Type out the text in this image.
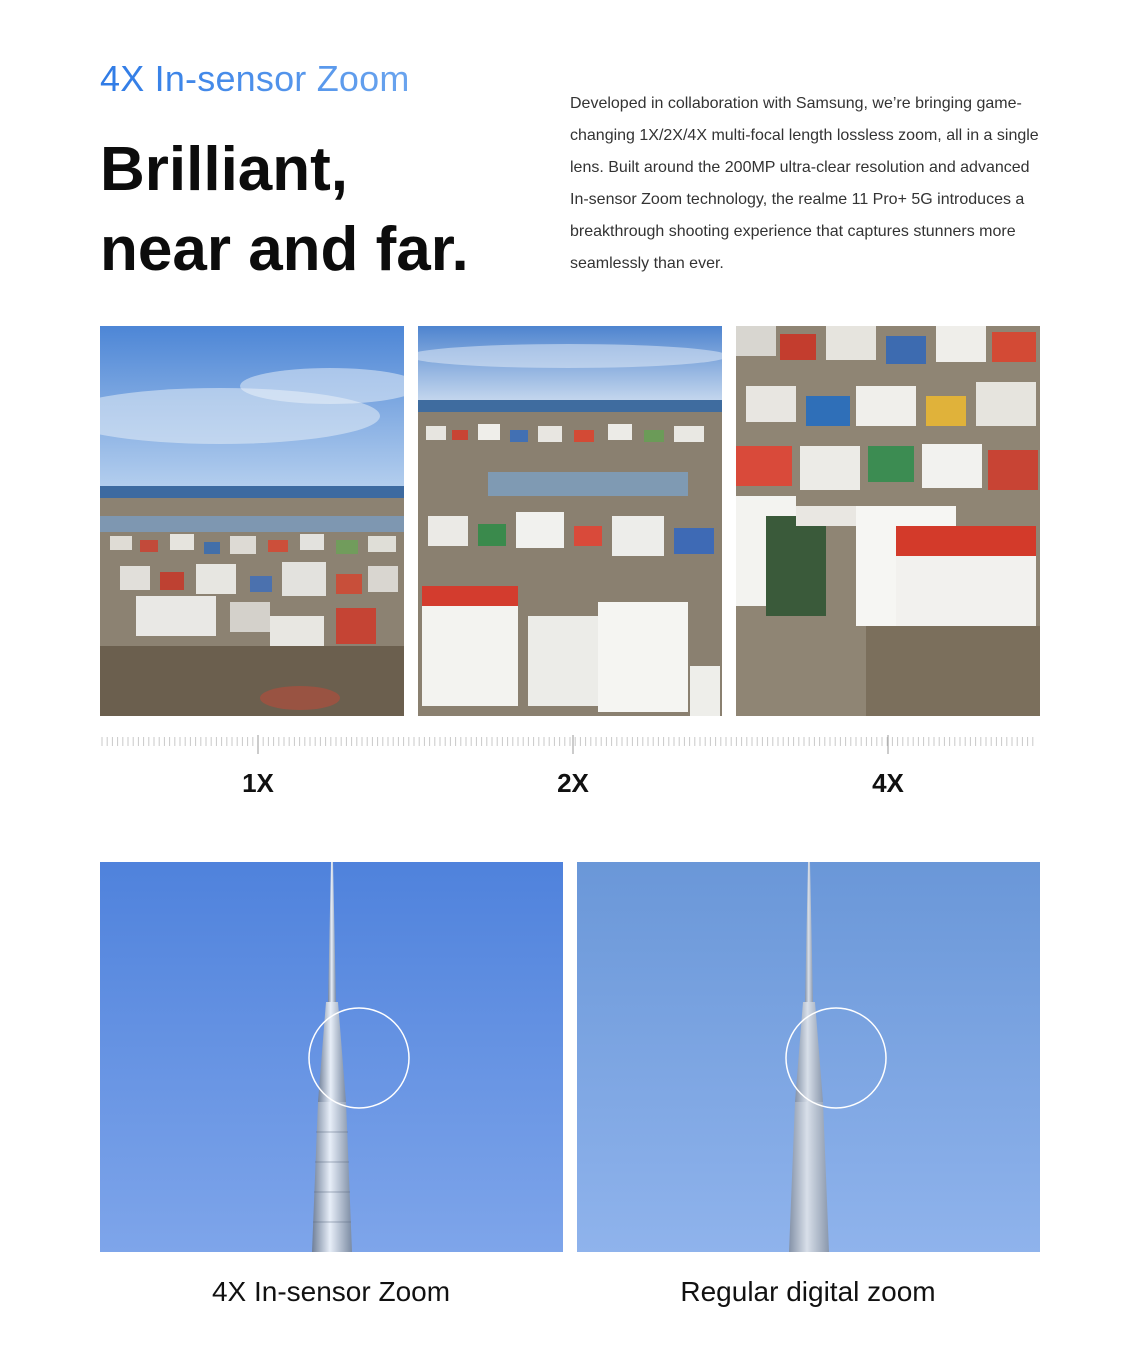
4X In-sensor Zoom
Brilliant,
near and far.

Developed in collaboration with Samsung, we’re bringing game-changing 1X/2X/4X multi-focal length lossless zoom, all in a single lens. Built around the 200MP ultra-clear resolution and advanced In-sensor Zoom technology, the realme 11 Pro+ 5G introduces a breakthrough shooting experience that captures stunners more seamlessly than ever.

1X	2X	4X
4X In-sensor Zoom	Regular digital zoom
